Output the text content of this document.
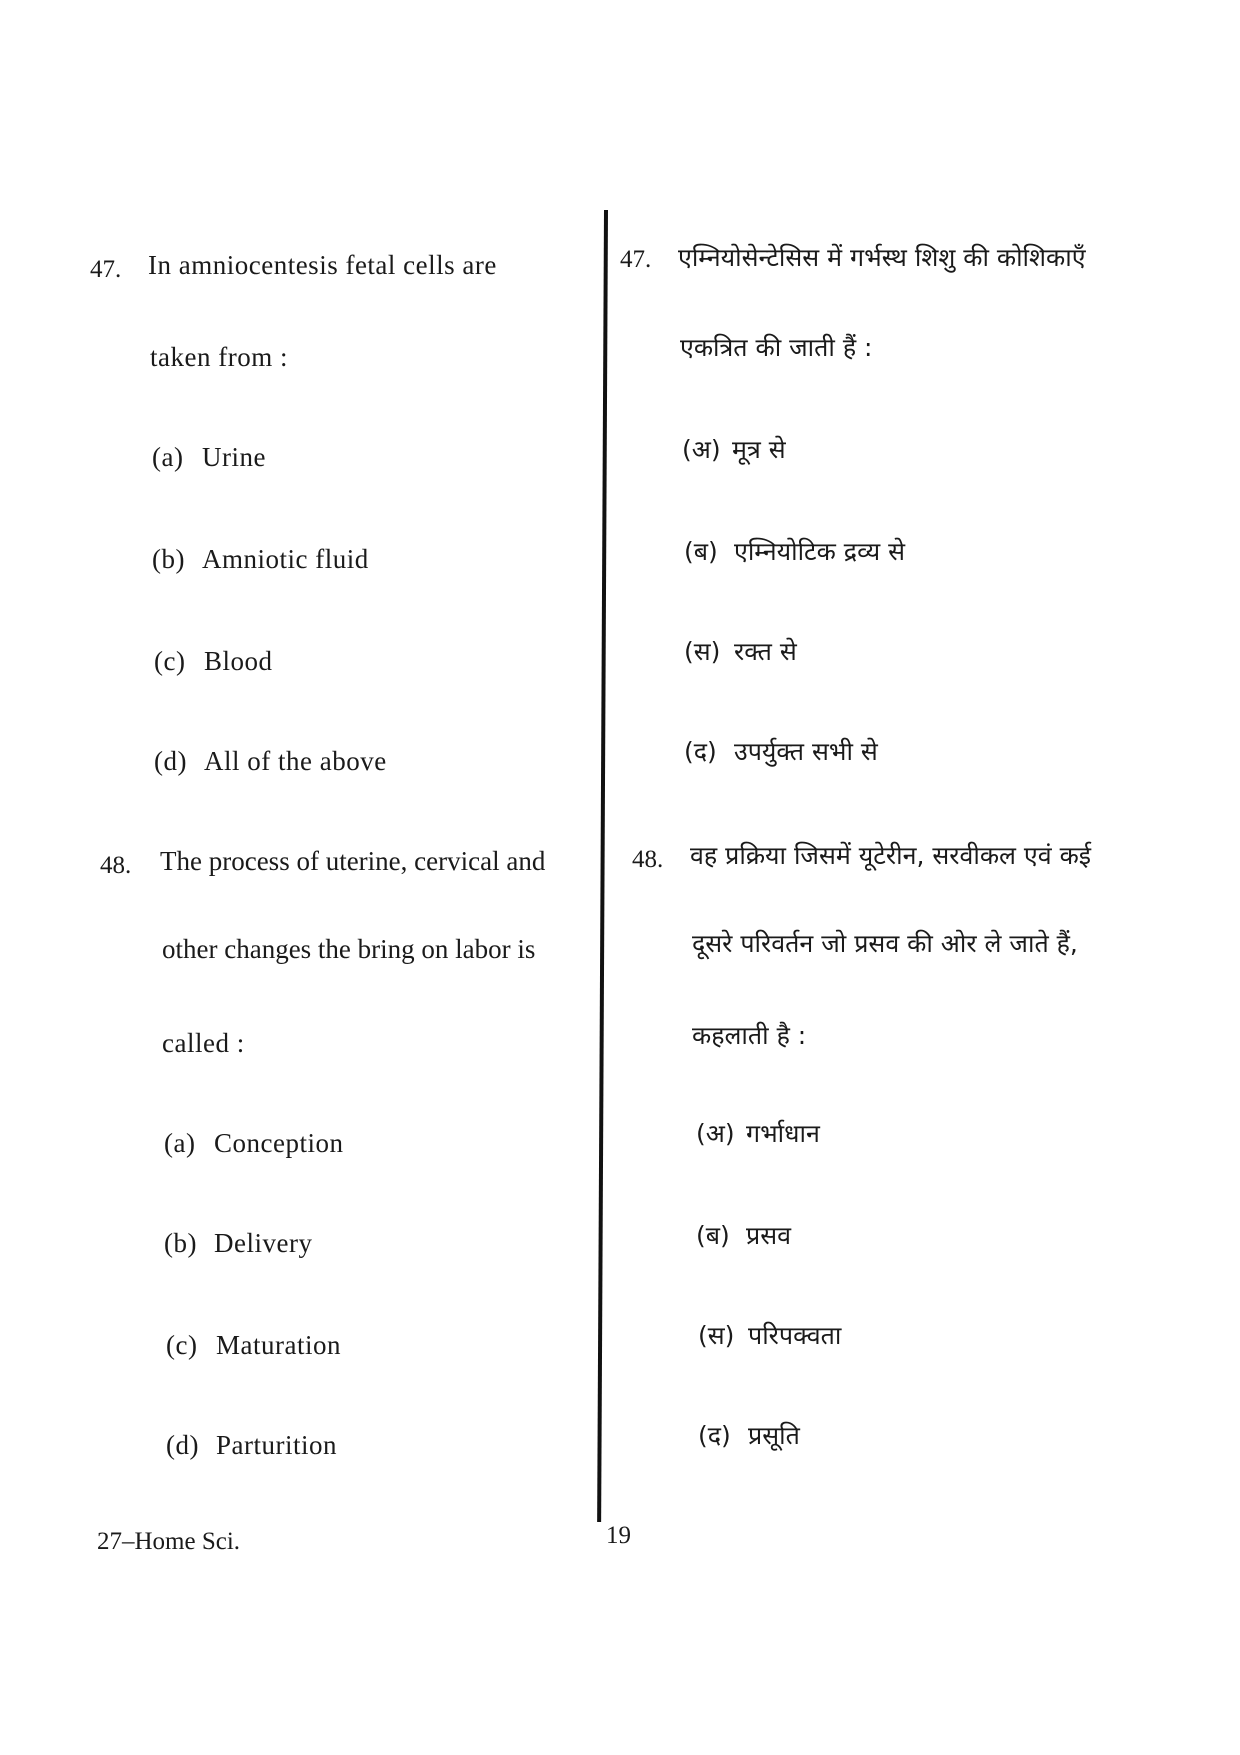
47. In amniocentesis fetal cells are
taken from :
(a) Urine
(b) Amniotic fluid
(c) Blood
(d) All of the above
48. The process of uterine, cervical and
other changes the bring on labor is
called :
(a) Conception
(b) Delivery
(c) Maturation
(d) Parturition
47. एम्नियोसेन्टेसिस में गर्भस्थ शिशु की कोशिकाएँ
एकत्रित की जाती हैं :
(अ) मूत्र से
(ब) एम्नियोटिक द्रव्य से
(स) रक्त से
(द) उपर्युक्त सभी से
48. वह प्रक्रिया जिसमें यूटेरीन, सरवीकल एवं कई
दूसरे परिवर्तन जो प्रसव की ओर ले जाते हैं,
कहलाती है :
(अ) गर्भाधान
(ब) प्रसव
(स) परिपक्वता
(द) प्रसूति
27–Home Sci.	19
